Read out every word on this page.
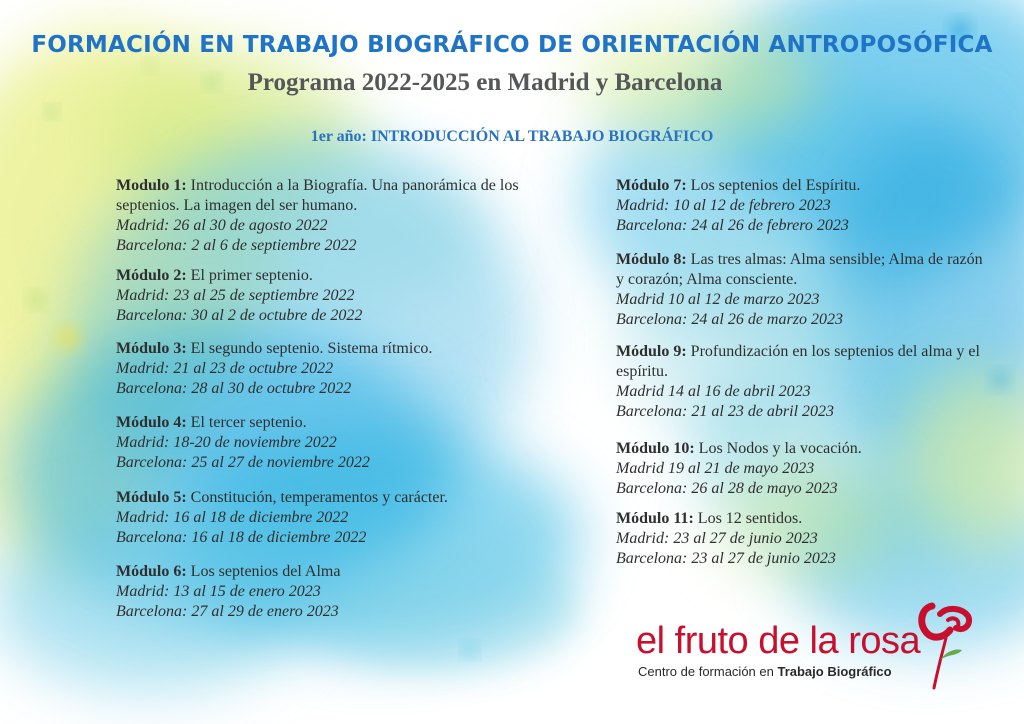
FORMACIÓN EN TRABAJO BIOGRÁFICO DE ORIENTACIÓN ANTROPOSÓFICA
Programa 2022-2025 en Madrid y Barcelona
1er año: INTRODUCCIÓN AL TRABAJO BIOGRÁFICO
Modulo 1: Introducción a la Biografía. Una panorámica de los septenios. La imagen del ser humano.
Madrid: 26 al 30 de agosto 2022
Barcelona: 2 al 6 de septiembre 2022
Módulo 2: El primer septenio.
Madrid: 23 al 25 de septiembre 2022
Barcelona: 30 al 2 de octubre de 2022
Módulo 3: El segundo septenio. Sistema rítmico.
Madrid: 21 al 23 de octubre 2022
Barcelona: 28 al 30 de octubre 2022
Módulo 4: El tercer septenio.
Madrid: 18-20 de noviembre 2022
Barcelona: 25 al 27 de noviembre 2022
Módulo 5: Constitución, temperamentos y carácter.
Madrid: 16 al 18 de diciembre 2022
Barcelona: 16 al 18 de diciembre 2022
Módulo 6: Los septenios del Alma
Madrid: 13 al 15 de enero 2023
Barcelona: 27 al 29 de enero 2023
Módulo 7: Los septenios del Espíritu.
Madrid: 10 al 12 de febrero 2023
Barcelona: 24 al 26 de febrero 2023
Módulo 8: Las tres almas: Alma sensible; Alma de razón y corazón; Alma consciente.
Madrid 10 al 12 de marzo 2023
Barcelona: 24 al 26 de marzo 2023
Módulo 9: Profundización en los septenios del alma y el espíritu.
Madrid 14 al 16 de abril 2023
Barcelona: 21 al 23 de abril 2023
Módulo 10: Los Nodos y la vocación.
Madrid 19 al 21 de mayo 2023
Barcelona: 26 al 28 de mayo 2023
Módulo 11: Los 12 sentidos.
Madrid: 23 al 27 de junio 2023
Barcelona: 23 al 27 de junio 2023
el fruto de la rosa
Centro de formación en Trabajo Biográfico
